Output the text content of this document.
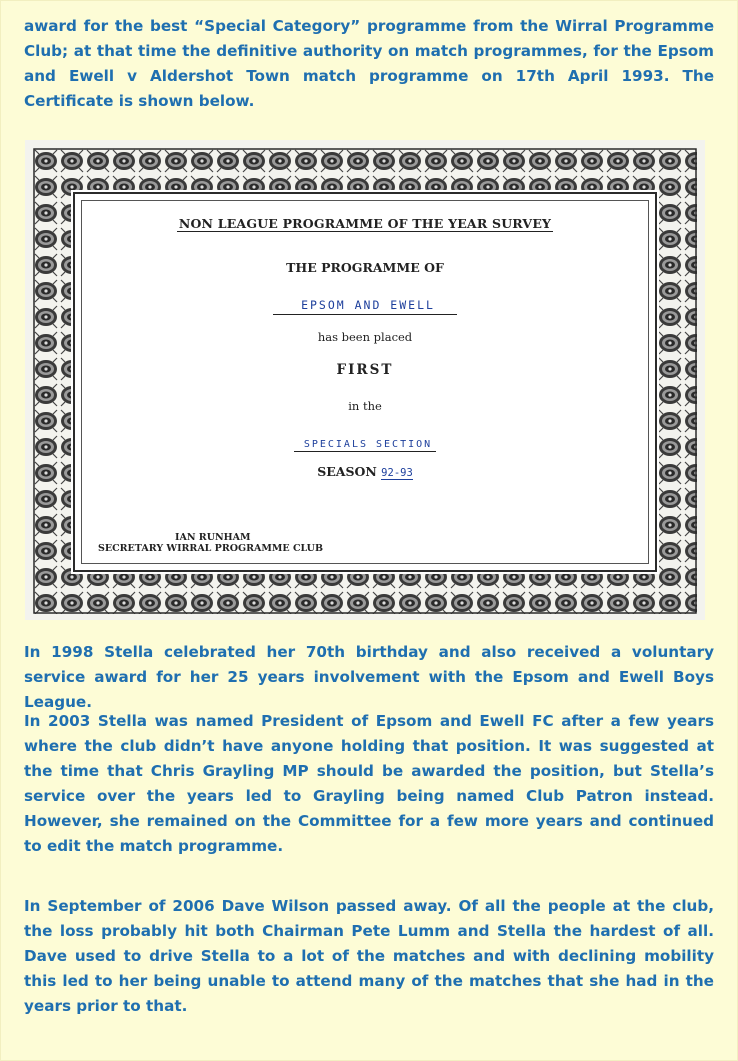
award for the best “Special Category” programme from the Wirral Programme Club; at that time the definitive authority on match programmes, for the Epsom and Ewell v Aldershot Town match programme on 17th April 1993. The Certificate is shown below.

NON LEAGUE PROGRAMME OF THE YEAR SURVEY
THE PROGRAMME OF
EPSOM AND EWELL
has been placed
FIRST
in the
SPECIALS SECTION
SEASON 92-93
IAN RUNHAM
SECRETARY WIRRAL PROGRAMME CLUB

In 1998 Stella celebrated her 70th birthday and also received a voluntary service award for her 25 years involvement with the Epsom and Ewell Boys League.

In 2003 Stella was named President of Epsom and Ewell FC after a few years where the club didn’t have anyone holding that position. It was suggested at the time that Chris Grayling MP should be awarded the position, but Stella’s service over the years led to Grayling being named Club Patron instead. However, she remained on the Committee for a few more years and continued to edit the match programme.

In September of 2006 Dave Wilson passed away. Of all the people at the club, the loss probably hit both Chairman Pete Lumm and Stella the hardest of all. Dave used to drive Stella to a lot of the matches and with declining mobility this led to her being unable to attend many of the matches that she had in the years prior to that.
